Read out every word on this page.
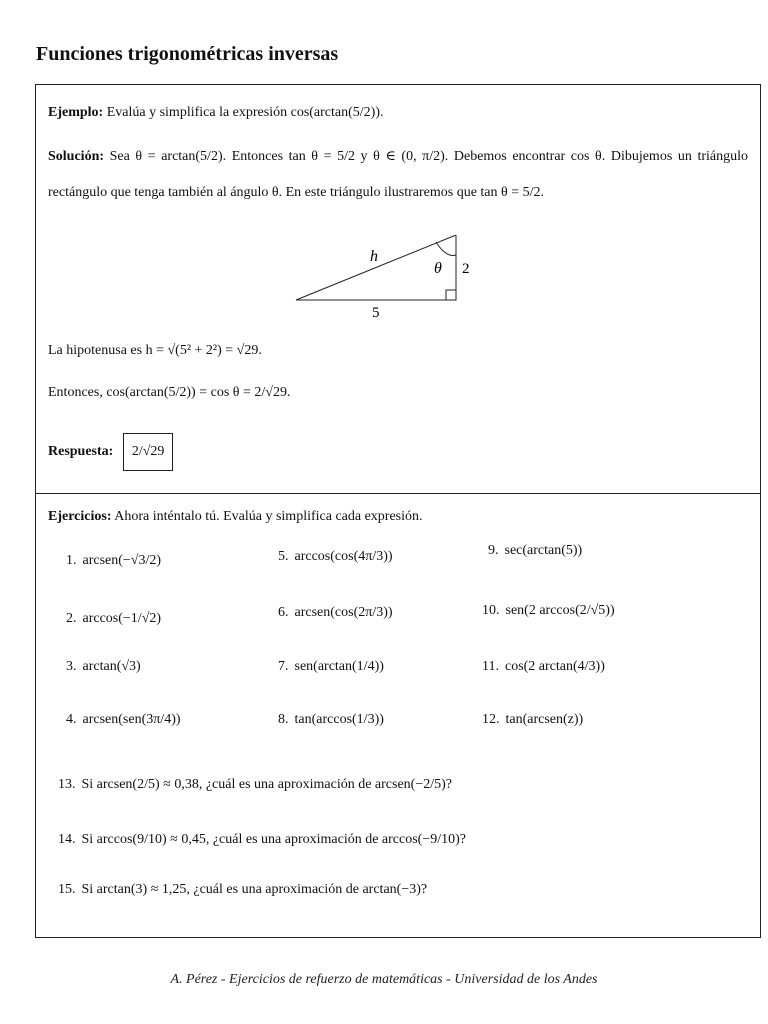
Funciones trigonométricas inversas
Ejemplo: Evalúa y simplifica la expresión cos(arctan(5/2)).
Solución: Sea θ = arctan(5/2). Entonces tan θ = 5/2 y θ ∈ (0, π/2). Debemos encontrar cos θ. Dibujemos un triángulo rectángulo que tenga también al ángulo θ. En este triángulo ilustraremos que tan θ = 5/2.
h
θ 2
5
La hipotenusa es h = √(5² + 2²) = √29.
Entonces, cos(arctan(5/2)) = cos θ = 2/√29.
Respuesta: 2/√29
Ejercicios: Ahora inténtalo tú. Evalúa y simplifica cada expresión.
1. arcsen(−√3/2)
2. arccos(−1/√2)
3. arctan(√3)
4. arcsen(sen(3π/4))
5. arccos(cos(4π/3))
6. arcsen(cos(2π/3))
7. sen(arctan(1/4))
8. tan(arccos(1/3))
9. sec(arctan(5))
10. sen(2 arccos(2/√5))
11. cos(2 arctan(4/3))
12. tan(arcsen(z))
13. Si arcsen(2/5) ≈ 0,38, ¿cuál es una aproximación de arcsen(−2/5)?
14. Si arccos(9/10) ≈ 0,45, ¿cuál es una aproximación de arccos(−9/10)?
15. Si arctan(3) ≈ 1,25, ¿cuál es una aproximación de arctan(−3)?
A. Pérez - Ejercicios de refuerzo de matemáticas - Universidad de los Andes
